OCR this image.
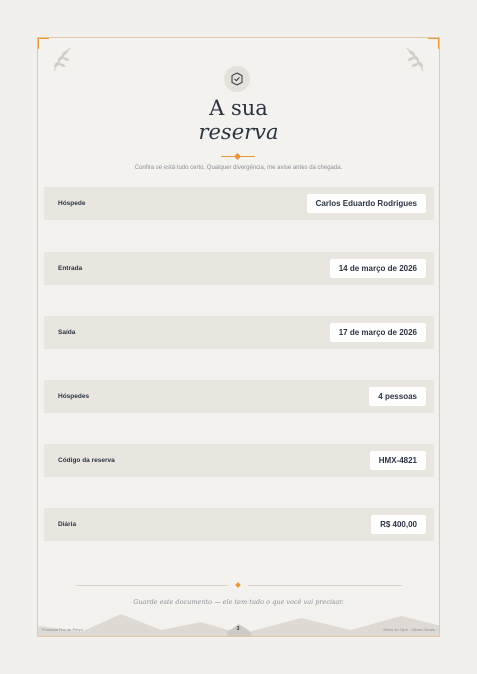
A sua
reserva
Confira se está tudo certo. Qualquer divergência, me avise antes da chegada.
Hóspede	Carlos Eduardo Rodrigues
Entrada	14 de março de 2026
Saída	17 de março de 2026
Hóspedes	4 pessoas
Código da reserva	HMX-4821
Diária	R$ 400,00
Guarde este documento — ele tem tudo o que você vai precisar.
Pousada Flor de Pequi	3	Serra do Cipó · Minas Gerais
